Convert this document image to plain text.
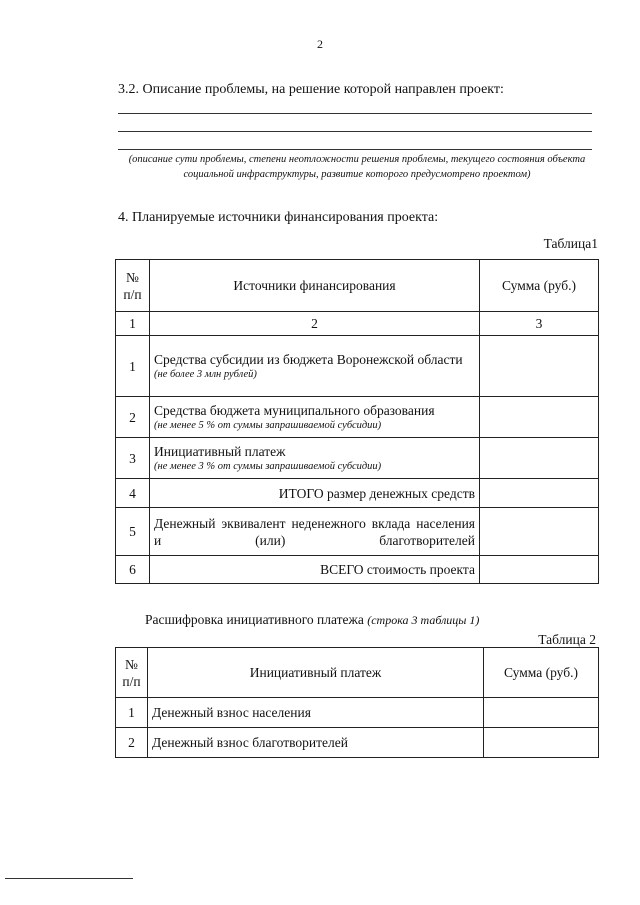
2
3.2. Описание проблемы, на решение которой направлен проект:
(описание сути проблемы, степени неотложности решения проблемы, текущего состояния объекта социальной инфраструктуры, развитие которого предусмотрено проектом)
4. Планируемые источники финансирования проекта:
Таблица1
№ п/п	Источники финансирования	Сумма (руб.)
1	2	3
1	Средства субсидии из бюджета Воронежской области
(не более 3 млн рублей)	

2	Средства бюджета муниципального образования
(не менее 5 % от суммы запрашиваемой субсидии)	

3	Инициативный платеж
(не менее 3 % от суммы запрашиваемой субсидии)	

4	ИТОГО размер денежных средств	
5	Денежный эквивалент неденежного вклада населения и (или) благотворителей	
6	ВСЕГО стоимость проекта	
Расшифровка инициативного платежа (строка 3 таблицы 1)
Таблица 2
№ п/п	Инициативный платеж	Сумма (руб.)
1	Денежный взнос населения	
2	Денежный взнос благотворителей	
